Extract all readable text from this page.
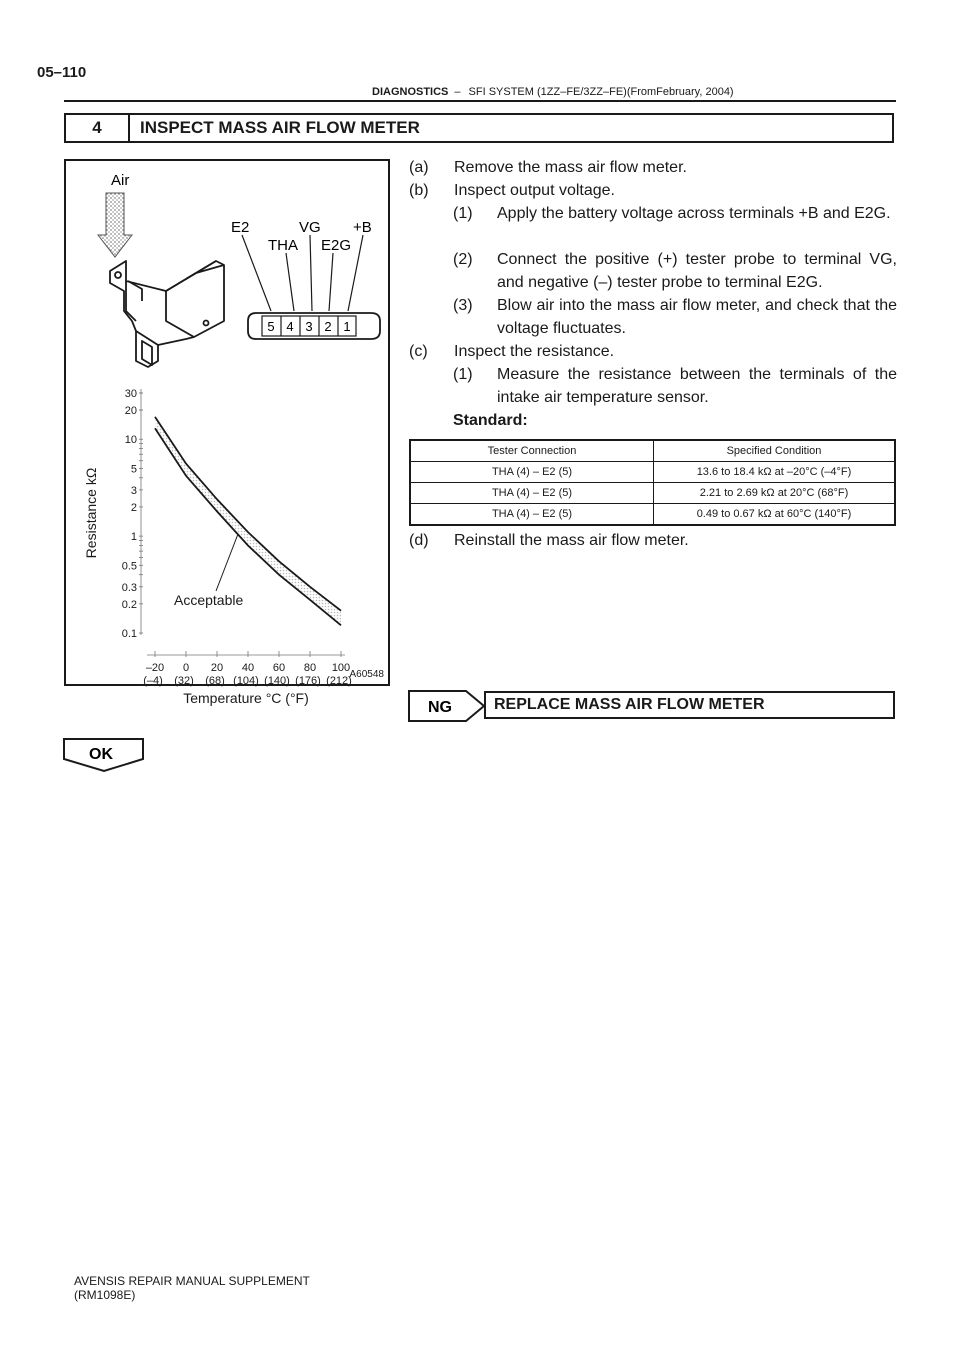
05–110
DIAGNOSTICS – SFI SYSTEM (1ZZ–FE/3ZZ–FE)(FromFebruary, 2004)
4	INSPECT MASS AIR FLOW METER
Air
E2	VG +B
THA E2G
5 4 3 2 1
30
20
10
5
3
2
1
0.5
0.3
0.2
0.1
Resistance kΩ
–20
(–4)
0
(32)
20
(68)
40
(104)
60
(140)
80
(176)
100
(212)
Temperature °C (°F)
Acceptable
A60548
(a) Remove the mass air flow meter.
(b) Inspect output voltage.
(1) Apply the battery voltage across terminals +B and E2G.
(2) Connect the positive (+) tester probe to terminal VG, and negative (–) tester probe to terminal E2G.
(3) Blow air into the mass air flow meter, and check that the voltage fluctuates.
(c) Inspect the resistance.
(1) Measure the resistance between the terminals of the intake air temperature sensor.
Standard:
Tester Connection	Specified Condition
THA (4) – E2 (5)	13.6 to 18.4 kΩ at –20°C (–4°F)
THA (4) – E2 (5)	2.21 to 2.69 kΩ at 20°C (68°F)
THA (4) – E2 (5)	0.49 to 0.67 kΩ at 60°C (140°F)
(d) Reinstall the mass air flow meter.
NG	REPLACE MASS AIR FLOW METER
OK
AVENSIS REPAIR MANUAL SUPPLEMENT
(RM1098E)
